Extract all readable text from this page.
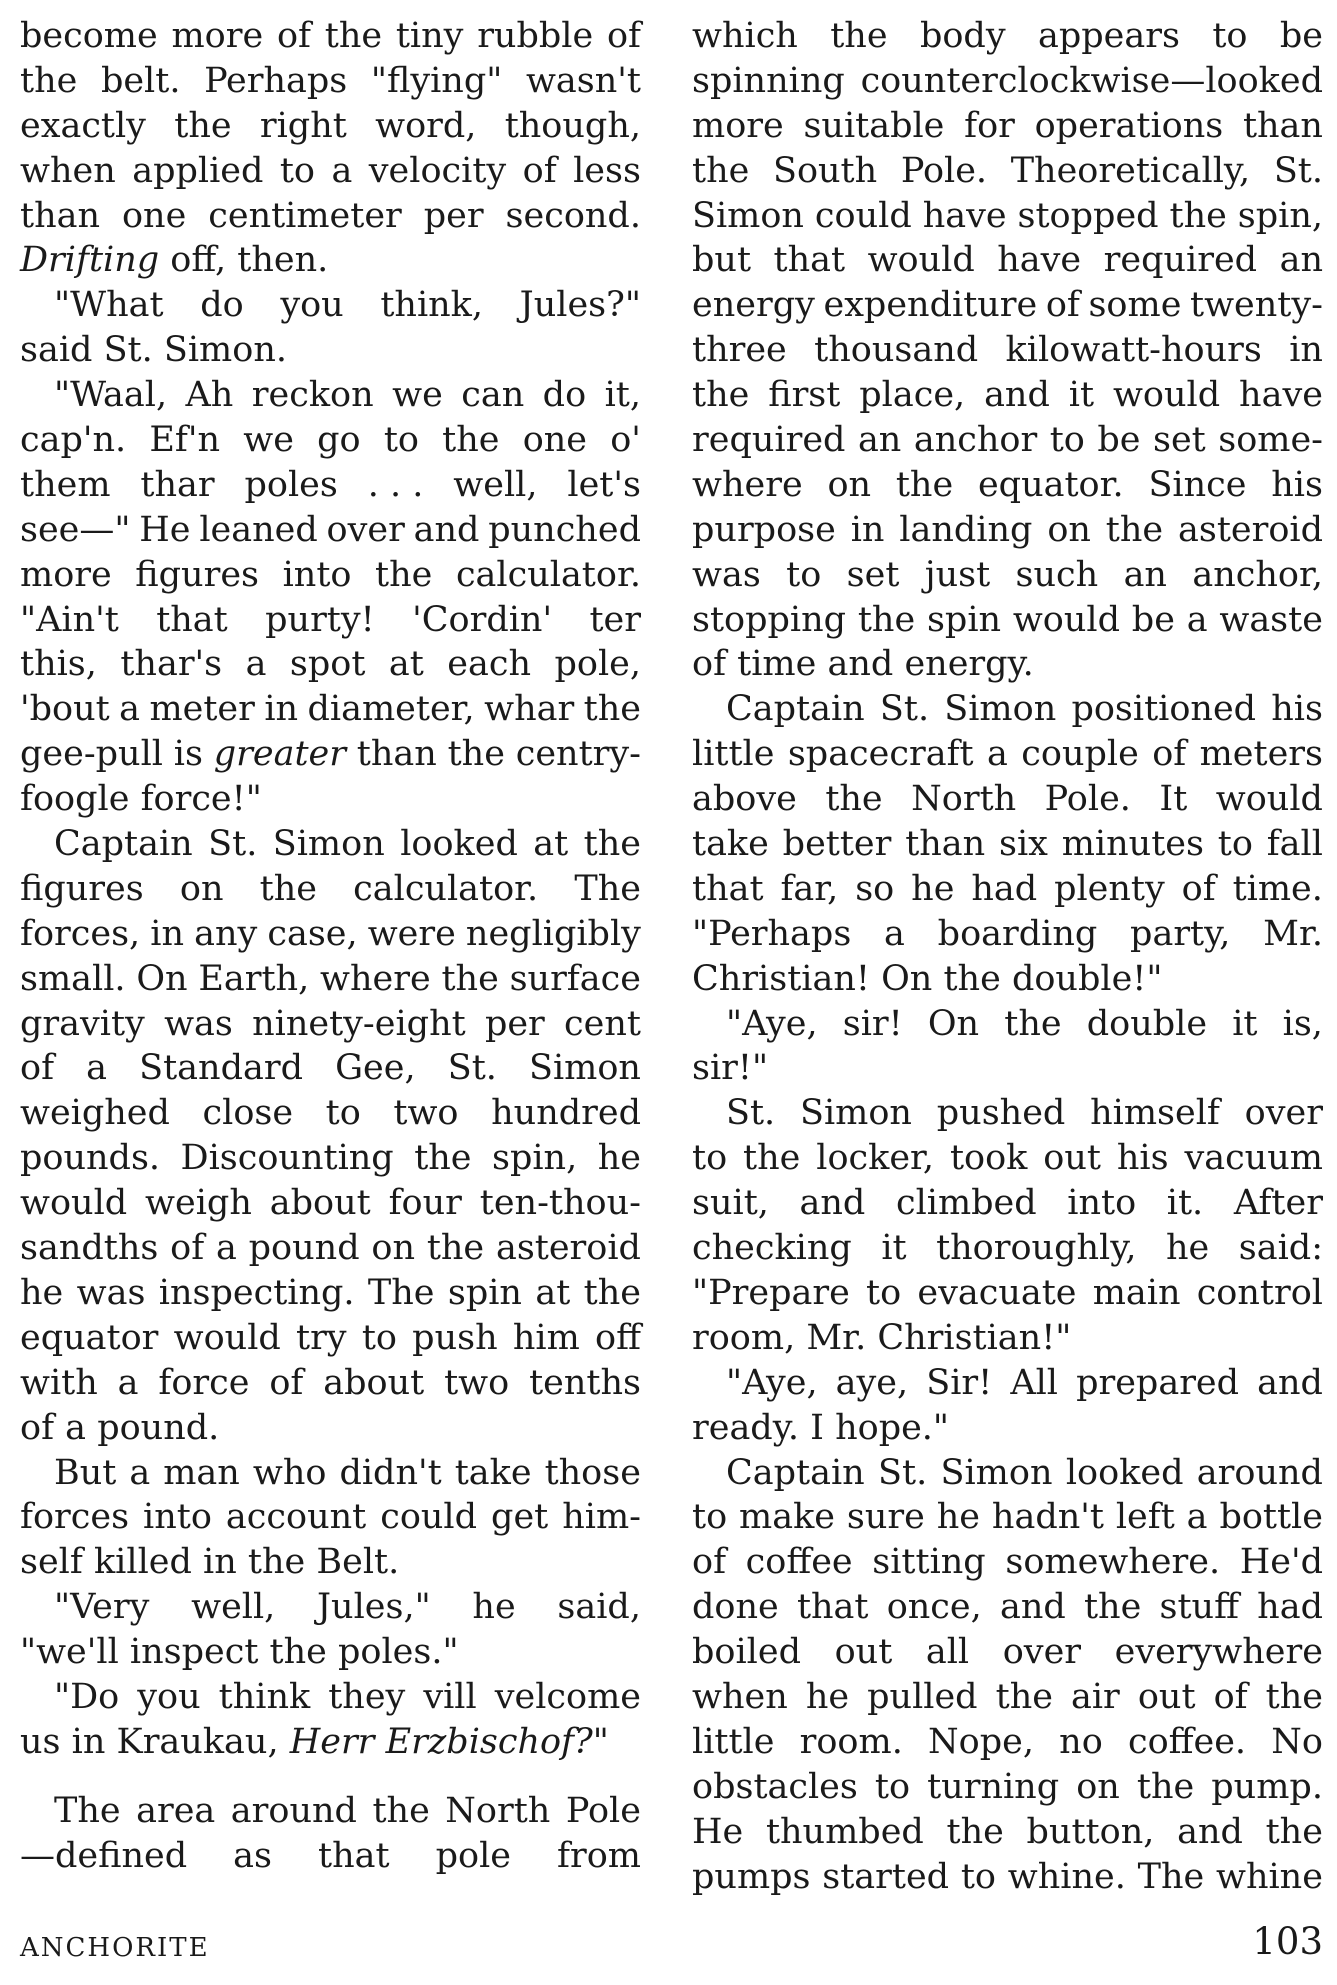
become more of the tiny rubble of
the belt. Perhaps "flying" wasn't
exactly the right word, though,
when applied to a velocity of less
than one centimeter per second.
Drifting off, then.
"What do you think, Jules?"
said St. Simon.
"Waal, Ah reckon we can do it,
cap'n. Ef'n we go to the one o'
them thar poles . . . well, let's
see—" He leaned over and punched
more figures into the calculator.
"Ain't that purty! 'Cordin' ter
this, thar's a spot at each pole,
'bout a meter in diameter, whar the
gee-pull is greater than the centry-
foogle force!"
Captain St. Simon looked at the
figures on the calculator. The
forces, in any case, were negligibly
small. On Earth, where the surface
gravity was ninety-eight per cent
of a Standard Gee, St. Simon
weighed close to two hundred
pounds. Discounting the spin, he
would weigh about four ten-thou-
sandths of a pound on the asteroid
he was inspecting. The spin at the
equator would try to push him off
with a force of about two tenths
of a pound.
But a man who didn't take those
forces into account could get him-
self killed in the Belt.
"Very well, Jules," he said,
"we'll inspect the poles."
"Do you think they vill velcome
us in Kraukau, Herr Erzbischof?"
The area around the North Pole
—defined as that pole from
which the body appears to be
spinning counterclockwise—looked
more suitable for operations than
the South Pole. Theoretically, St.
Simon could have stopped the spin,
but that would have required an
energy expenditure of some twenty-
three thousand kilowatt-hours in
the first place, and it would have
required an anchor to be set some-
where on the equator. Since his
purpose in landing on the asteroid
was to set just such an anchor,
stopping the spin would be a waste
of time and energy.
Captain St. Simon positioned his
little spacecraft a couple of meters
above the North Pole. It would
take better than six minutes to fall
that far, so he had plenty of time.
"Perhaps a boarding party, Mr.
Christian! On the double!"
"Aye, sir! On the double it is,
sir!"
St. Simon pushed himself over
to the locker, took out his vacuum
suit, and climbed into it. After
checking it thoroughly, he said:
"Prepare to evacuate main control
room, Mr. Christian!"
"Aye, aye, Sir! All prepared and
ready. I hope."
Captain St. Simon looked around
to make sure he hadn't left a bottle
of coffee sitting somewhere. He'd
done that once, and the stuff had
boiled out all over everywhere
when he pulled the air out of the
little room. Nope, no coffee. No
obstacles to turning on the pump.
He thumbed the button, and the
pumps started to whine. The whine
ANCHORITE	103
